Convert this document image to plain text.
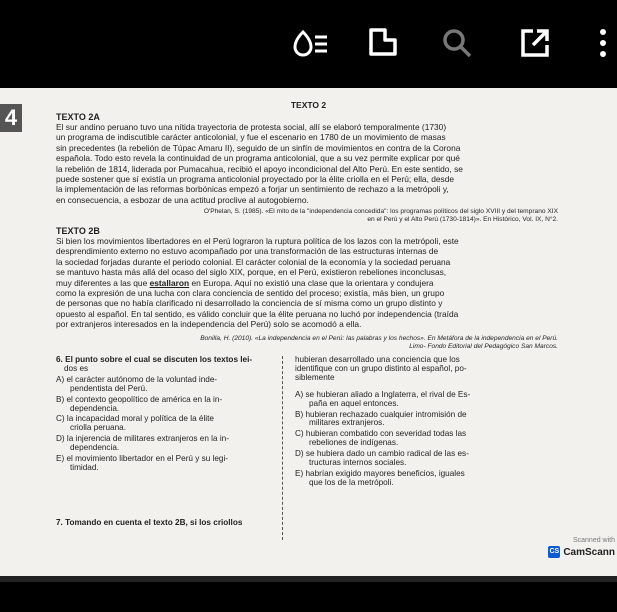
4	TEXTO 2
TEXTO 2A
El sur andino peruano tuvo una nítida trayectoria de protesta social, allí se elaboró temporalmente (1730)
un programa de indiscutible carácter anticolonial, y fue el escenario en 1780 de un movimiento de masas
sin precedentes (la rebelión de Túpac Amaru II), seguido de un sinfín de movimientos en contra de la Corona
española. Todo esto revela la continuidad de un programa anticolonial, que a su vez permite explicar por qué
la rebelión de 1814, liderada por Pumacahua, recibió el apoyo incondicional del Alto Perú. En este sentido, se
puede sostener que sí existía un programa anticolonial proyectado por la élite criolla en el Perú; ella, desde
la implementación de las reformas borbónicas empezó a forjar un sentimiento de rechazo a la metrópoli y,
en consecuencia, a esbozar de una actitud proclive al autogobierno.
O'Phelan, S. (1985). «El mito de la "independencia concedida": los programas políticos del siglo XVIII y del temprano XIX
en el Perú y el Alto Perú (1730-1814)». En Histórico, Vol. IX, N°2.
TEXTO 2B
Si bien los movimientos libertadores en el Perú lograron la ruptura política de los lazos con la metrópoli, este
desprendimiento externo no estuvo acompañado por una transformación de las estructuras internas de
la sociedad forjadas durante el periodo colonial. El carácter colonial de la economía y la sociedad peruana
se mantuvo hasta más allá del ocaso del siglo XIX, porque, en el Perú, existieron rebeliones inconclusas,
muy diferentes a las que estallaron en Europa. Aquí no existió una clase que la orientara y condujera
como la expresión de una lucha con clara conciencia de sentido del proceso; existía, más bien, un grupo
de personas que no había clarificado ni desarrollado la conciencia de sí misma como un grupo distinto y
opuesto al español. En tal sentido, es válido concluir que la élite peruana no luchó por independencia (traída
por extranjeros interesados en la independencia del Perú) solo se acomodó a ella.
Bonilla, H. (2010). «La independencia en el Perú: las palabras y los hechos». En Metáfora de la independencia en el Perú.
Limo- Fondo Editorial del Pedagógico San Marcos.
6. El punto sobre el cual se discuten los textos lei-
dos es
A) el carácter autónomo de la voluntad inde-
pendentista del Perú.
B) el contexto geopolítico de américa en la in-
dependencia.
C) la incapacidad moral y política de la élite
criolla peruana.
D) la injerencia de militares extranjeros en la in-
dependencia.
E) el movimiento libertador en el Perú y su legi-
timidad.
7. Tomando en cuenta el texto 2B, si los criollos
hubieran desarrollado una conciencia que los
identifique con un grupo distinto al español, po-
siblemente
A) se hubieran aliado a Inglaterra, el rival de Es-
paña en aquel entonces.
B) hubieran rechazado cualquier intromisión de
militares extranjeros.
C) hubieran combatido con severidad todas las
rebeliones de indígenas.
D) se hubiera dado un cambio radical de las es-
tructuras internos sociales.
E) habrían exigido mayores beneficios, iguales
que los de la metrópoli.
Scanned with
CS CamScann
